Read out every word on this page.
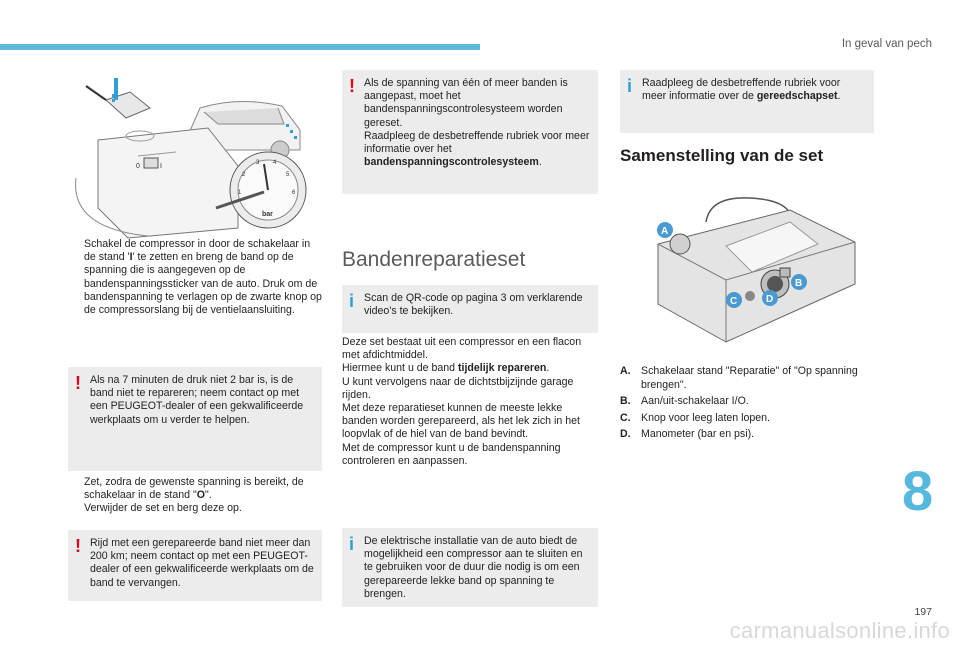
In geval van pech
0	I
1
2
3 4
5
6
bar
Schakel de compressor in door de schakelaar in de stand 'I' te zetten en breng de band op de spanning die is aangegeven op de bandenspanningssticker van de auto. Druk om de bandenspanning te verlagen op de zwarte knop op de compressorslang bij de ventielaansluiting.
! Als na 7 minuten de druk niet 2 bar is, is de band niet te repareren; neem contact op met een PEUGEOT-dealer of een gekwalificeerde werkplaats om u verder te helpen.
Zet, zodra de gewenste spanning is bereikt, de schakelaar in de stand "O".
Verwijder de set en berg deze op.
! Rijd met een gerepareerde band niet meer dan 200 km; neem contact op met een PEUGEOT-dealer of een gekwalificeerde werkplaats om de band te vervangen.
! Als de spanning van één of meer banden is aangepast, moet het bandenspanningscontrolesysteem worden gereset.
Raadpleeg de desbetreffende rubriek voor meer informatie over het bandenspanningscontrolesysteem.
Bandenreparatieset
i Scan de QR-code op pagina 3 om verklarende video's te bekijken.
Deze set bestaat uit een compressor en een flacon met afdichtmiddel.
Hiermee kunt u de band tijdelijk repareren.
U kunt vervolgens naar de dichtstbijzijnde garage rijden.
Met deze reparatieset kunnen de meeste lekke banden worden gerepareerd, als het lek zich in het loopvlak of de hiel van de band bevindt.
Met de compressor kunt u de bandenspanning controleren en aanpassen.
i De elektrische installatie van de auto biedt de mogelijkheid een compressor aan te sluiten en te gebruiken voor de duur die nodig is om een gerepareerde lekke band op spanning te brengen.
i Raadpleeg de desbetreffende rubriek voor meer informatie over de gereedschapset.
Samenstelling van de set
A
B
C	D
A. Schakelaar stand "Reparatie" of "Op spanning brengen".
B. Aan/uit-schakelaar I/O.
C. Knop voor leeg laten lopen.
D. Manometer (bar en psi).
8
197
carmanualsonline.info
